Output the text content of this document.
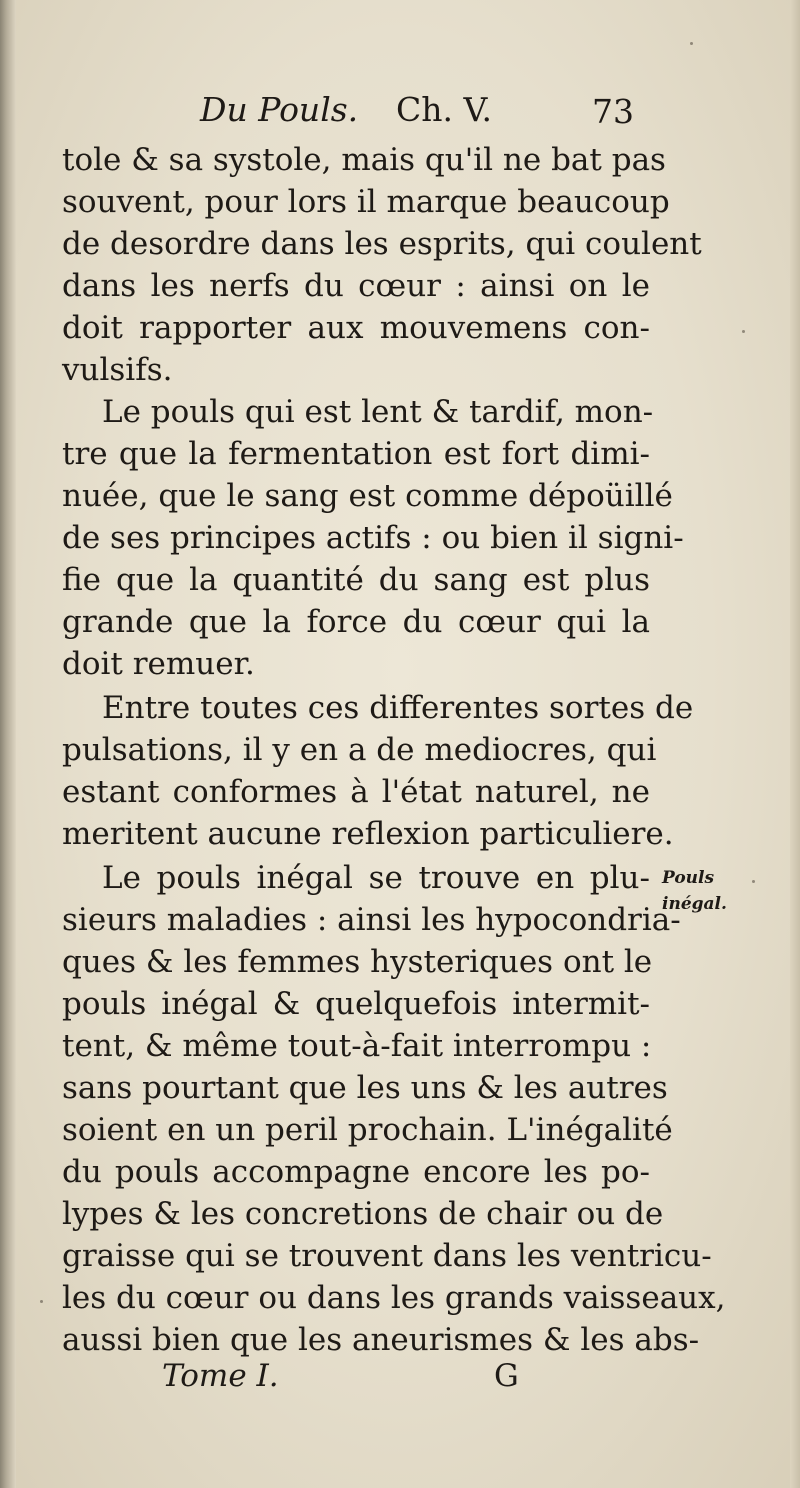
Du Pouls. Ch. V.	73
tole & sa systole, mais qu'il ne bat pas
souvent, pour lors il marque beaucoup
de desordre dans les esprits, qui coulent
dans les nerfs du cœur : ainsi on le
doit rapporter aux mouvemens con-
vulsifs.
Le pouls qui est lent & tardif, mon-
tre que la fermentation est fort dimi-
nuée, que le sang est comme dépoüillé
de ses principes actifs : ou bien il signi-
fie que la quantité du sang est plus
grande que la force du cœur qui la
doit remuer.
Entre toutes ces differentes sortes de
pulsations, il y en a de mediocres, qui
estant conformes à l'état naturel, ne
meritent aucune reflexion particuliere.
Le pouls inégal se trouve en plu-
sieurs maladies : ainsi les hypocondria-
ques & les femmes hysteriques ont le
pouls inégal & quelquefois intermit-
tent, & même tout-à-fait interrompu :
sans pourtant que les uns & les autres
soient en un peril prochain. L'inégalité
du pouls accompagne encore les po-
lypes & les concretions de chair ou de
graisse qui se trouvent dans les ventricu-
les du cœur ou dans les grands vaisseaux,
aussi bien que les aneurismes & les abs-
Pouls
inégal.
Tome I.	G
